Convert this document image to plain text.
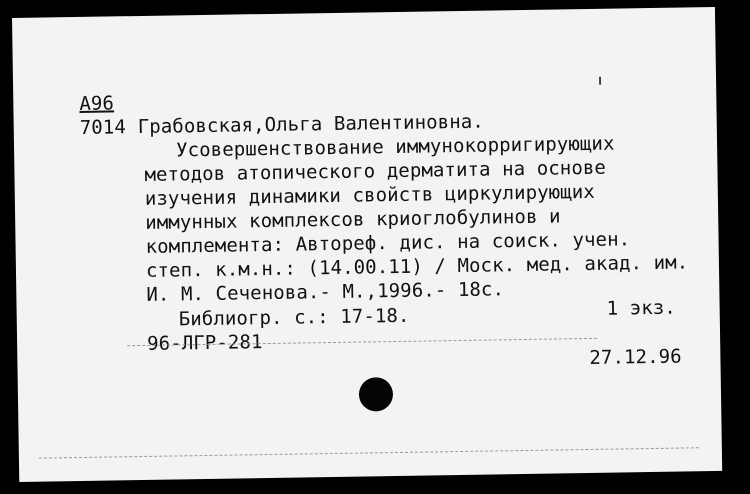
А96
7014 Грабовская,Ольга Валентиновна.
Усовершенствование иммунокорригирующих
методов атопического дерматита на основе
изучения динамики свойств циркулирующих
иммунных комплексов криоглобулинов и
комплемента: Автореф. дис. на соиск. учен.
степ. к.м.н.: (14.00.11) / Моск. мед. акад. им.
И. М. Сеченова.- М.,1996.- 18с.
Библиогр. с.: 17-18.	1 экз.
96-ЛГР-281
27.12.96
